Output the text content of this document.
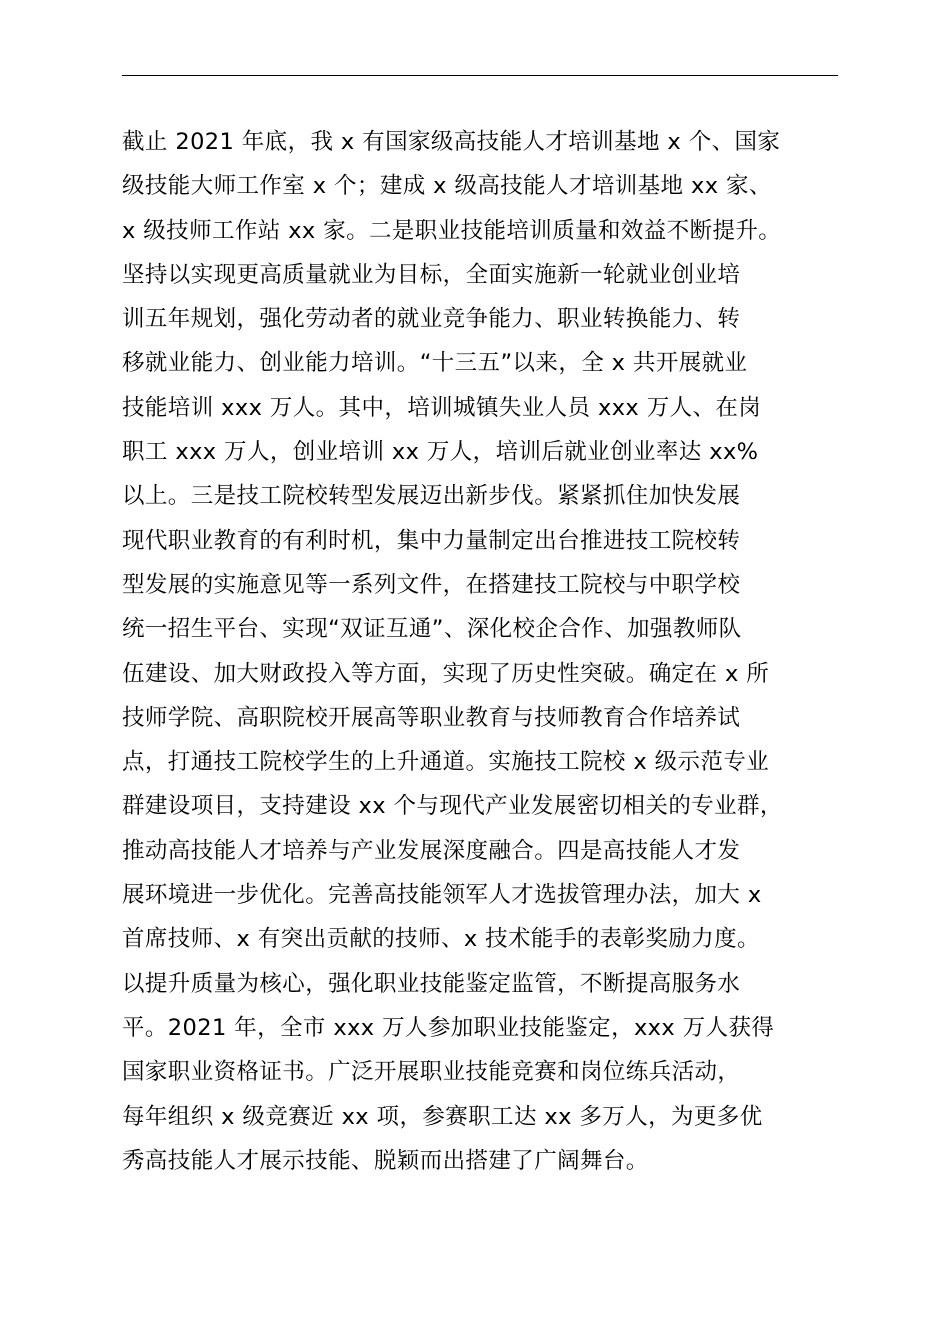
截止 2021 年底，我 x 有国家级高技能人才培训基地 x 个、国家
级技能大师工作室 x 个；建成 x 级高技能人才培训基地 xx 家、
x 级技师工作站 xx 家。二是职业技能培训质量和效益不断提升。
坚持以实现更高质量就业为目标，全面实施新一轮就业创业培
训五年规划，强化劳动者的就业竞争能力、职业转换能力、转
移就业能力、创业能力培训。“十三五”以来，全 x 共开展就业
技能培训 xxx 万人。其中，培训城镇失业人员 xxx 万人、在岗
职工 xxx 万人，创业培训 xx 万人，培训后就业创业率达 xx%
以上。三是技工院校转型发展迈出新步伐。紧紧抓住加快发展
现代职业教育的有利时机，集中力量制定出台推进技工院校转
型发展的实施意见等一系列文件，在搭建技工院校与中职学校
统一招生平台、实现“双证互通”、深化校企合作、加强教师队
伍建设、加大财政投入等方面，实现了历史性突破。确定在 x 所
技师学院、高职院校开展高等职业教育与技师教育合作培养试
点，打通技工院校学生的上升通道。实施技工院校 x 级示范专业
群建设项目，支持建设 xx 个与现代产业发展密切相关的专业群，
推动高技能人才培养与产业发展深度融合。四是高技能人才发
展环境进一步优化。完善高技能领军人才选拔管理办法，加大 x
首席技师、x 有突出贡献的技师、x 技术能手的表彰奖励力度。
以提升质量为核心，强化职业技能鉴定监管，不断提高服务水
平。2021 年，全市 xxx 万人参加职业技能鉴定，xxx 万人获得
国家职业资格证书。广泛开展职业技能竞赛和岗位练兵活动，
每年组织 x 级竞赛近 xx 项，参赛职工达 xx 多万人，为更多优
秀高技能人才展示技能、脱颖而出搭建了广阔舞台。
